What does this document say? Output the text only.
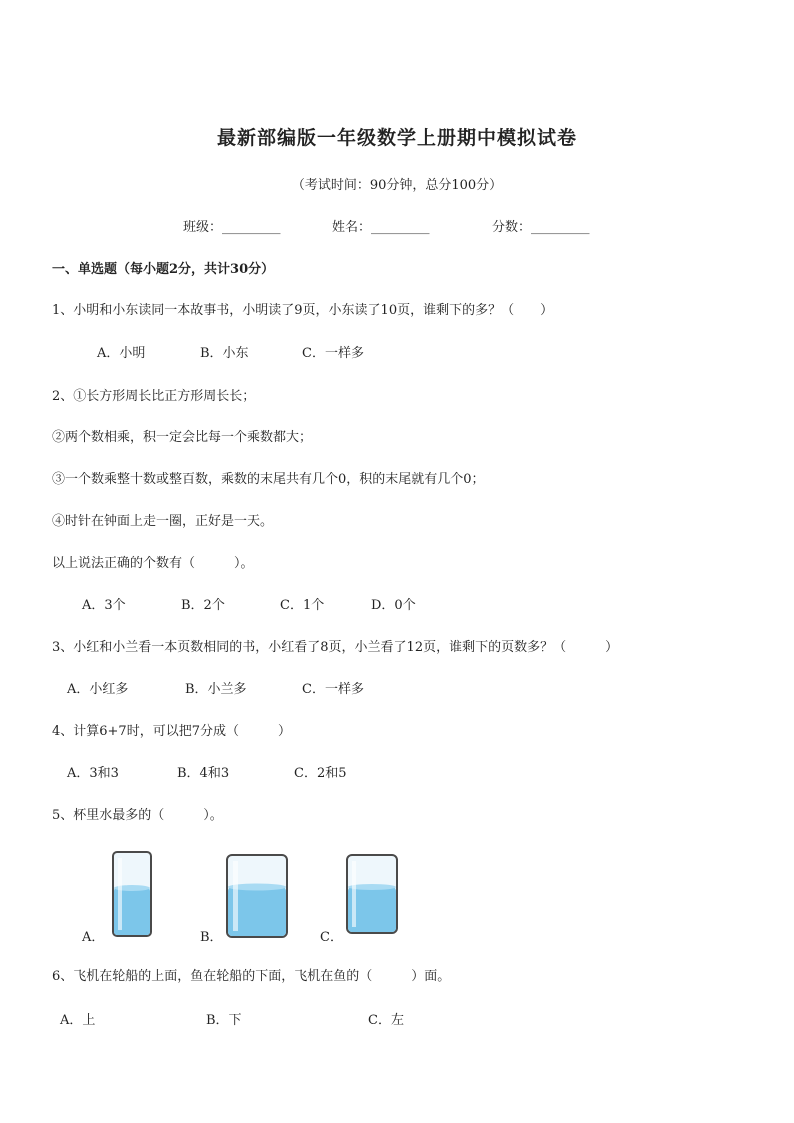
最新部编版一年级数学上册期中模拟试卷
（考试时间：90分钟，总分100分）
班级：_________	姓名：_________	分数：_________
一、单选题（每小题2分，共计30分）
1、小明和小东读同一本故事书，小明读了9页，小东读了10页，谁剩下的多？（　　）
A．小明	B．小东	C．一样多
2、①长方形周长比正方形周长长；
②两个数相乘，积一定会比每一个乘数都大；
③一个数乘整十数或整百数，乘数的末尾共有几个0，积的末尾就有几个0；
④时针在钟面上走一圈，正好是一天。
以上说法正确的个数有（　　　）。
A．3个	B．2个	C．1个	D．0个
3、小红和小兰看一本页数相同的书，小红看了8页，小兰看了12页，谁剩下的页数多？（　　　）
A．小红多	B．小兰多	C．一样多
4、计算6+7时，可以把7分成（　　　）
A．3和3	B．4和3	C．2和5
5、杯里水最多的（　　　）。
A．	B．	C．
6、飞机在轮船的上面，鱼在轮船的下面，飞机在鱼的（　　　）面。
A．上	B．下	C．左
